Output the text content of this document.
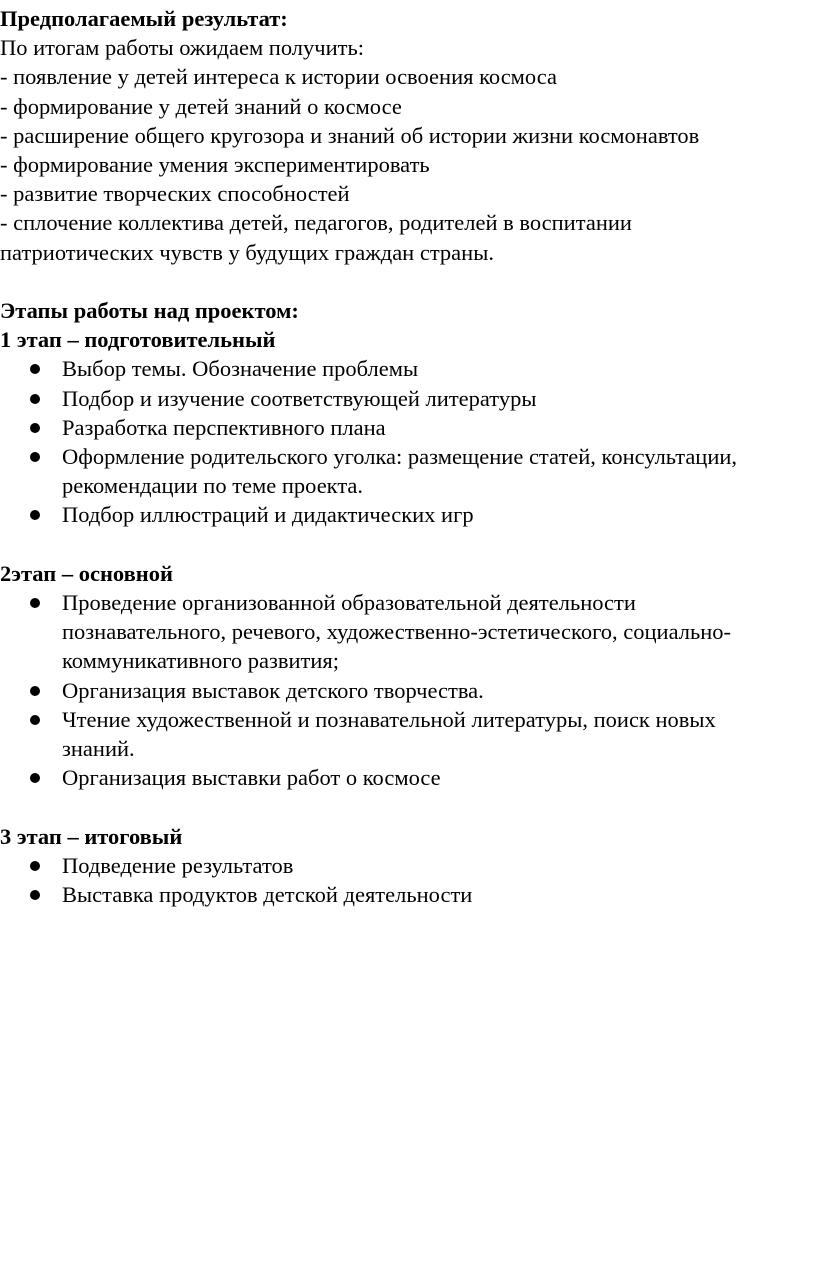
Предполагаемый результат:
По итогам работы ожидаем получить:
- появление у детей интереса к истории освоения космоса
- формирование у детей знаний о космосе
- расширение общего кругозора и знаний об истории жизни космонавтов
- формирование умения экспериментировать
- развитие творческих способностей
- сплочение коллектива детей, педагогов, родителей в воспитании
патриотических чувств у будущих граждан страны.
Этапы работы над проектом:
1 этап – подготовительный
Выбор темы. Обозначение проблемы
Подбор и изучение соответствующей литературы
Разработка перспективного плана
Оформление родительского уголка: размещение статей, консультации,
рекомендации по теме проекта.
Подбор иллюстраций и дидактических игр
2этап – основной
Проведение организованной образовательной деятельности
познавательного, речевого, художественно-эстетического, социально-
коммуникативного развития;
Организация выставок детского творчества.
Чтение художественной и познавательной литературы, поиск новых
знаний.
Организация выставки работ о космосе
3 этап – итоговый
Подведение результатов
Выставка продуктов детской деятельности
